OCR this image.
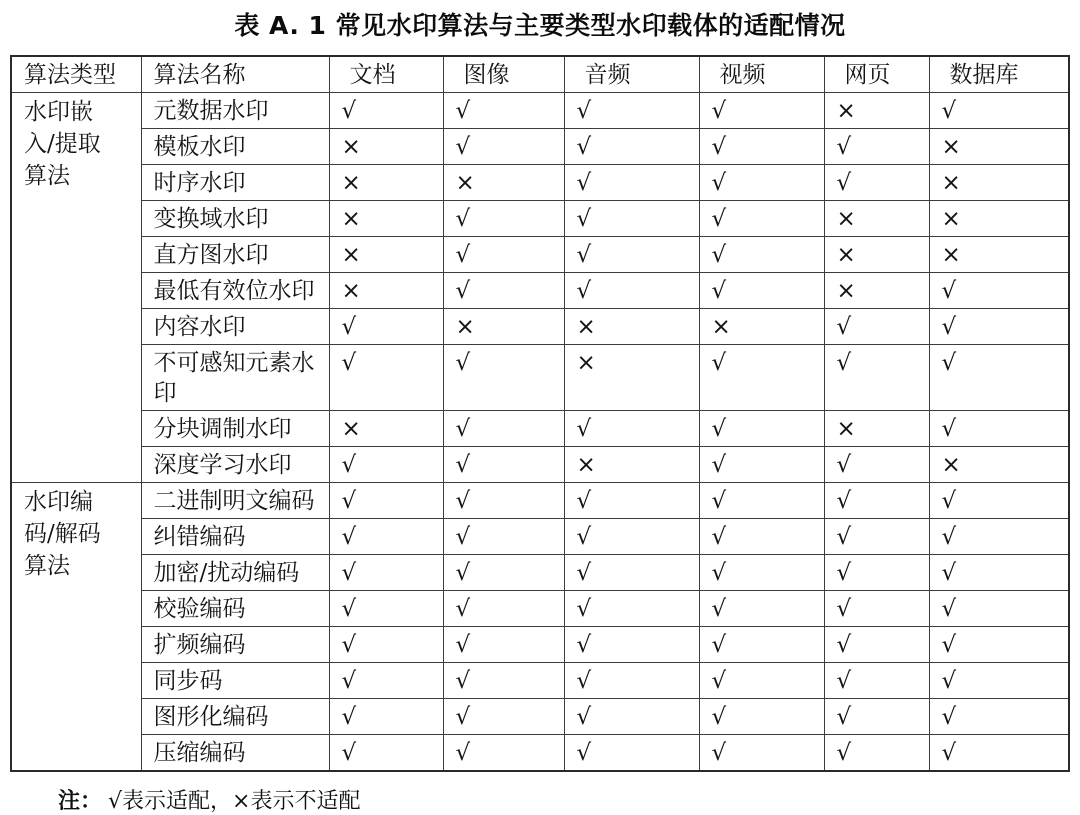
表 A. 1 常见水印算法与主要类型水印载体的适配情况
算法类型	算法名称	文档	图像	音频	视频	网页	数据库

水印嵌入/提取算法	元数据水印	√	√	√	√	×	√
	模板水印	×	√	√	√	√	×
	时序水印	×	×	√	√	√	×
	变换域水印	×	√	√	√	×	×
	直方图水印	×	√	√	√	×	×
	最低有效位水印	×	√	√	√	×	√
	内容水印	√	×	×	×	√	√
	不可感知元素水印	√	√	×	√	√	√
	分块调制水印	×	√	√	√	×	√
	深度学习水印	√	√	×	√	√	×

水印编码/解码算法	二进制明文编码	√	√	√	√	√	√
	纠错编码	√	√	√	√	√	√
	加密/扰动编码	√	√	√	√	√	√
	校验编码	√	√	√	√	√	√
	扩频编码	√	√	√	√	√	√
	同步码	√	√	√	√	√	√
	图形化编码	√	√	√	√	√	√
	压缩编码	√	√	√	√	√	√
注： √表示适配，×表示不适配
